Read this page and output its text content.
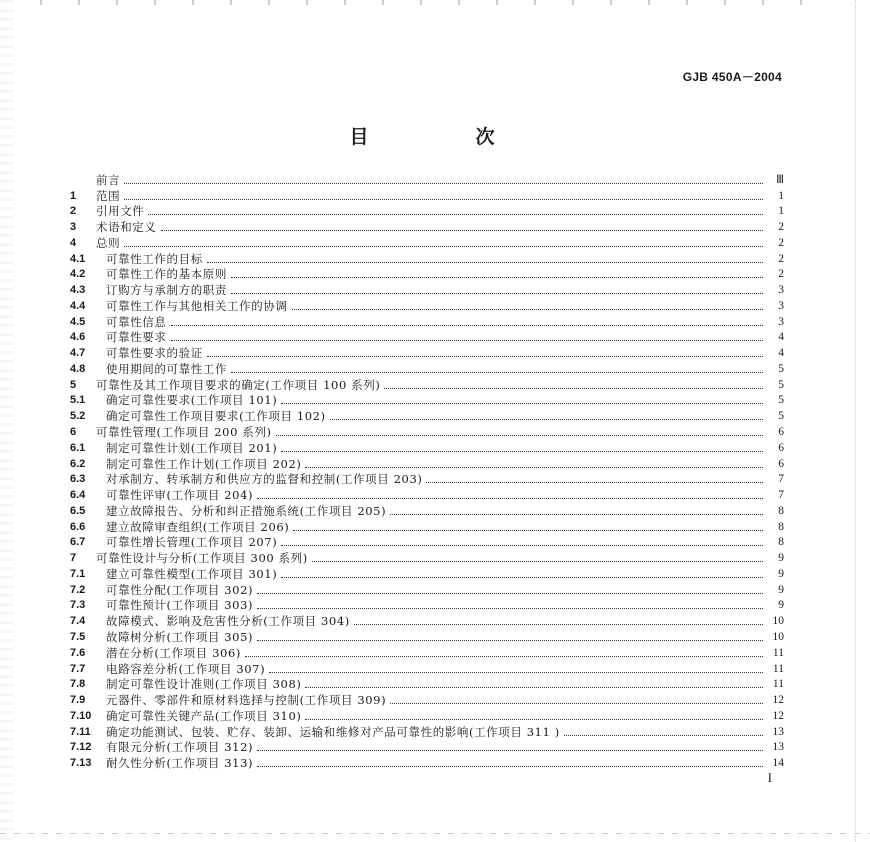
GJB 450A－2004
目　次
前言	Ⅲ
1	范围	1
2	引用文件	1
3	术语和定义	2
4	总则	2
4.1	可靠性工作的目标	2
4.2	可靠性工作的基本原则	2
4.3	订购方与承制方的职责	3
4.4	可靠性工作与其他相关工作的协调	3
4.5	可靠性信息	3
4.6	可靠性要求	4
4.7	可靠性要求的验证	4
4.8	使用期间的可靠性工作	5
5	可靠性及其工作项目要求的确定(工作项目 100 系列)	5
5.1	确定可靠性要求(工作项目 101)	5
5.2	确定可靠性工作项目要求(工作项目 102)	5
6	可靠性管理(工作项目 200 系列)	6
6.1	制定可靠性计划(工作项目 201)	6
6.2	制定可靠性工作计划(工作项目 202)	6
6.3	对承制方、转承制方和供应方的监督和控制(工作项目 203)	7
6.4	可靠性评审(工作项目 204)	7
6.5	建立故障报告、分析和纠正措施系统(工作项目 205)	8
6.6	建立故障审查组织(工作项目 206)	8
6.7	可靠性增长管理(工作项目 207)	8
7	可靠性设计与分析(工作项目 300 系列)	9
7.1	建立可靠性模型(工作项目 301)	9
7.2	可靠性分配(工作项目 302)	9
7.3	可靠性预计(工作项目 303)	9
7.4	故障模式、影响及危害性分析(工作项目 304)	10
7.5	故障树分析(工作项目 305)	10
7.6	潜在分析(工作项目 306)	11
7.7	电路容差分析(工作项目 307)	11
7.8	制定可靠性设计准则(工作项目 308)	11
7.9	元器件、零部件和原材料选择与控制(工作项目 309)	12
7.10	确定可靠性关键产品(工作项目 310)	12
7.11	确定功能测试、包装、贮存、装卸、运输和维修对产品可靠性的影响(工作项目 311 )	13
7.12	有限元分析(工作项目 312)	13
7.13	耐久性分析(工作项目 313)	14
I
